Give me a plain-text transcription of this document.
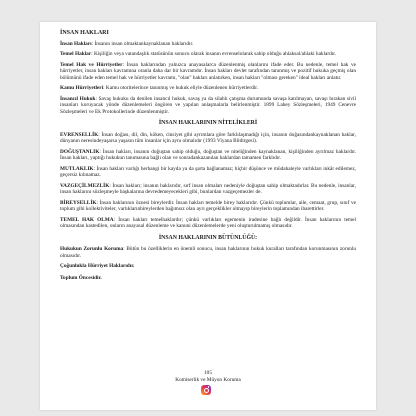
İNSAN HAKLARI

İnsan Hakları: İnsanın insan olmaktankaynaklanan haklarıdır.

Temel Haklar: Kişiliğin veya vatandaşlık statüsünün sonucu olarak insanın evrenselolarak sahip olduğu ahlaksal/ahlaki haklardır.

Temel Hak ve Hürriyetler: İnsan haklarından yalnızca anayasalarca düzenlenmiş olanlarını ifade eder. Bu nedenle, temel hak ve hürriyetler, insan hakları kavramına oranla daha dar bir kavramdır. İnsan hakları devlet tarafından tanınmış ve pozitif hukuka geçmiş olan bölümünü ifade eden temel hak ve hürriyetler kavramı, "olan" hakları anlatırken, insan hakları "olması gereken" ideal hakları anlatır.

Kamu Hürriyetleri: Kamu otoritelerince tanınmış ve hukuk eliyle düzenlenen hürriyetlerdir.

İnsancıl Hukuk: Savaş hukuku da denilen insancıl hukuk, savaş ya da silahlı çatışma durumunda savaşa katılmayan, savaşı bırakan sivil insanları koruyacak yönde düzenlemeleri öngören ve yapılan anlaşmalarla belirlenmiştir. 1899 Lahey Sözleşmeleri, 1949 Cenevre Sözleşmeleri ve Ek Protokollerinde düzenlenmiştir.

İNSAN HAKLARININ NİTELİKLERİ

EVRENSELLİK: İnsan doğası, dil, din, köken, cinsiyet gibi ayrımlara göre farklılaşmadığı için, insanın doğasındankaynaklanan haklar, dünyanın neresindeyaşarsa yaşasın tüm insanlar için aynı olmalıdır (1993 Viyana Bildirgesi).

DOĞUŞTANLIK: İnsan hakları, insanın doğuştan sahip olduğu, doğuştan ve niteliğinden kaynaklanan, kişiliğinden ayrılmaz haklardır. İnsan hakları, yaptığı hukukun tanımasına bağlı olan ve sonradankazanılan haklardan tamamen farklıdır.

MUTLAKLIK: İnsan hakları varlığı herhangi bir kayda ya da şarta bağlanamaz; hiçbir düşünce ve müdahaleyle varlıkları inkâr edilemez, geçersiz kılınamaz.

VAZGEÇİLMEZLİK: İnsan hakları; insanın haklarıdır, sırf insan olmaları nedeniyle doğuştan sahip olmaktadırlar. Bu nedenle, insanlar, insan haklarını sözleşmeyle başkalarına devredemeyecekleri gibi, bunlardan vazgeçemezler de.

BİREYSELLİK: İnsan haklarının öznesi bireylerdir. İnsan hakları temelde birey haklarıdır. Çünkü toplumlar, aile, cemaat, grup, sınıf ve toplum gibi kollektiviteler, varlıklarınbireylerden bağımsız olan ayrı gerçeklikler olmayıp bireylerin toplamından ibarettirler.

TEMEL HAK OLMA: İnsan hakları temelhaklardır; çünkü varlıkları egemenin iradesine bağlı değildir. İnsan haklarının temel olmasından kastedilen, onların anayasal düzenleme ve kanuni düzenlemelerde yeni oluşturulmamış olmasıdır.

İNSAN HAKLARININ BÜTÜNLÜĞÜ:

Hukukun Zorunlu Koruma: Bütün bu özelliklerin en önemli sonucu, insan haklarının hukuk kuralları tarafından korunmasının zorunlu olmasıdır.

Çoğunlukla Hürriyet Haklarıdır.
Toplum Öncesidir.
105
Komiserlik ve Müyon Koruma
